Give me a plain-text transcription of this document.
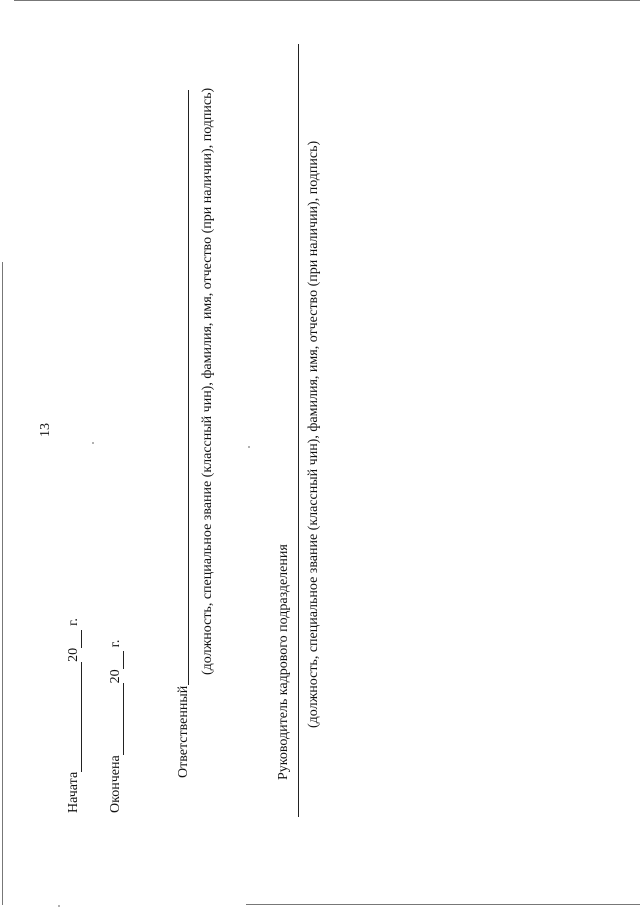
13
Начата
20
г.
Окончена
20
г.
Ответственный
(должность, специальное звание (классный чин), фамилия, имя, отчество (при наличии), подпись)	Руководитель кадрового подразделения (должность, специальное звание (классный чин), фамилия, имя, отчество (при наличии), подпись)
